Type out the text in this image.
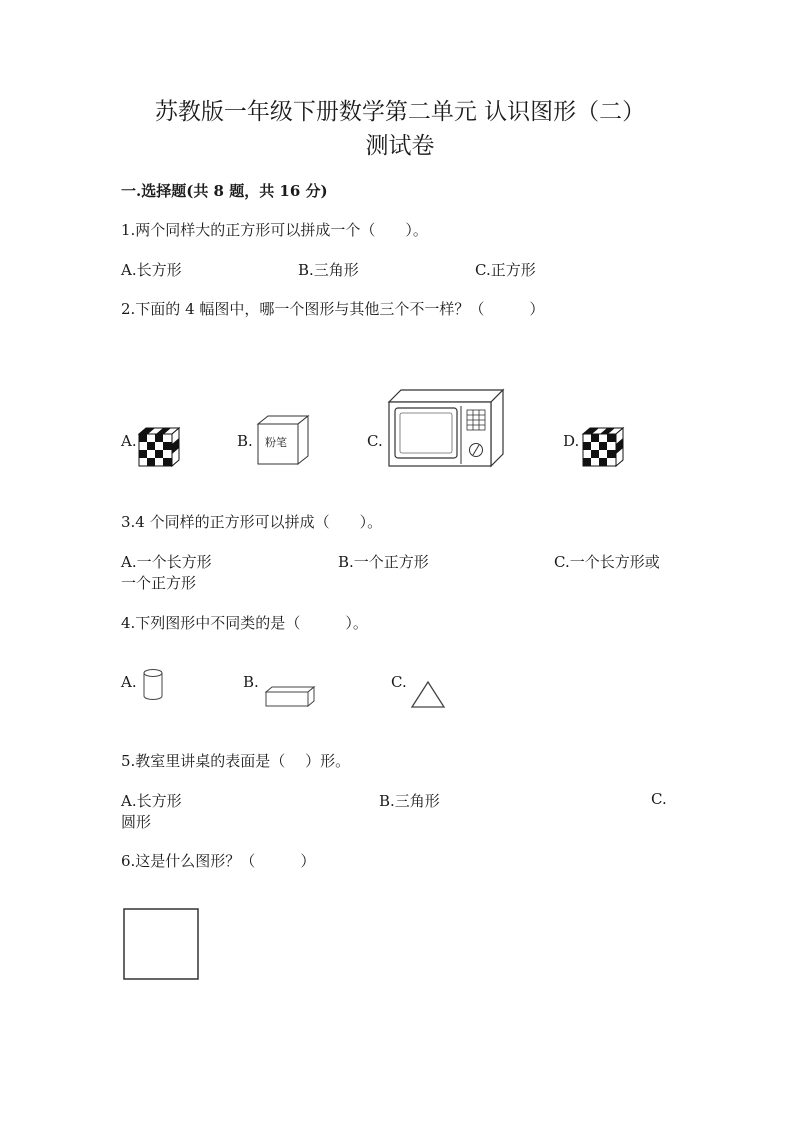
苏教版一年级下册数学第二单元 认识图形（二）
测试卷
一.选择题(共 8 题，共 16 分)
1.两个同样大的正方形可以拼成一个（　　）。
A.长方形	B.三角形	C.正方形
2.下面的 4 幅图中，哪一个图形与其他三个不一样？（　　　）
A.	B. 粉笔	C.	D.
3.4 个同样的正方形可以拼成（　　）。
A.一个长方形	B.一个正方形	C.一个长方形或
一个正方形
4.下列图形中不同类的是（　　　）。
A.	B.	C.
5.教室里讲桌的表面是（　 ）形。
A.长方形	B.三角形	C.
圆形
6.这是什么图形？（　　　）
